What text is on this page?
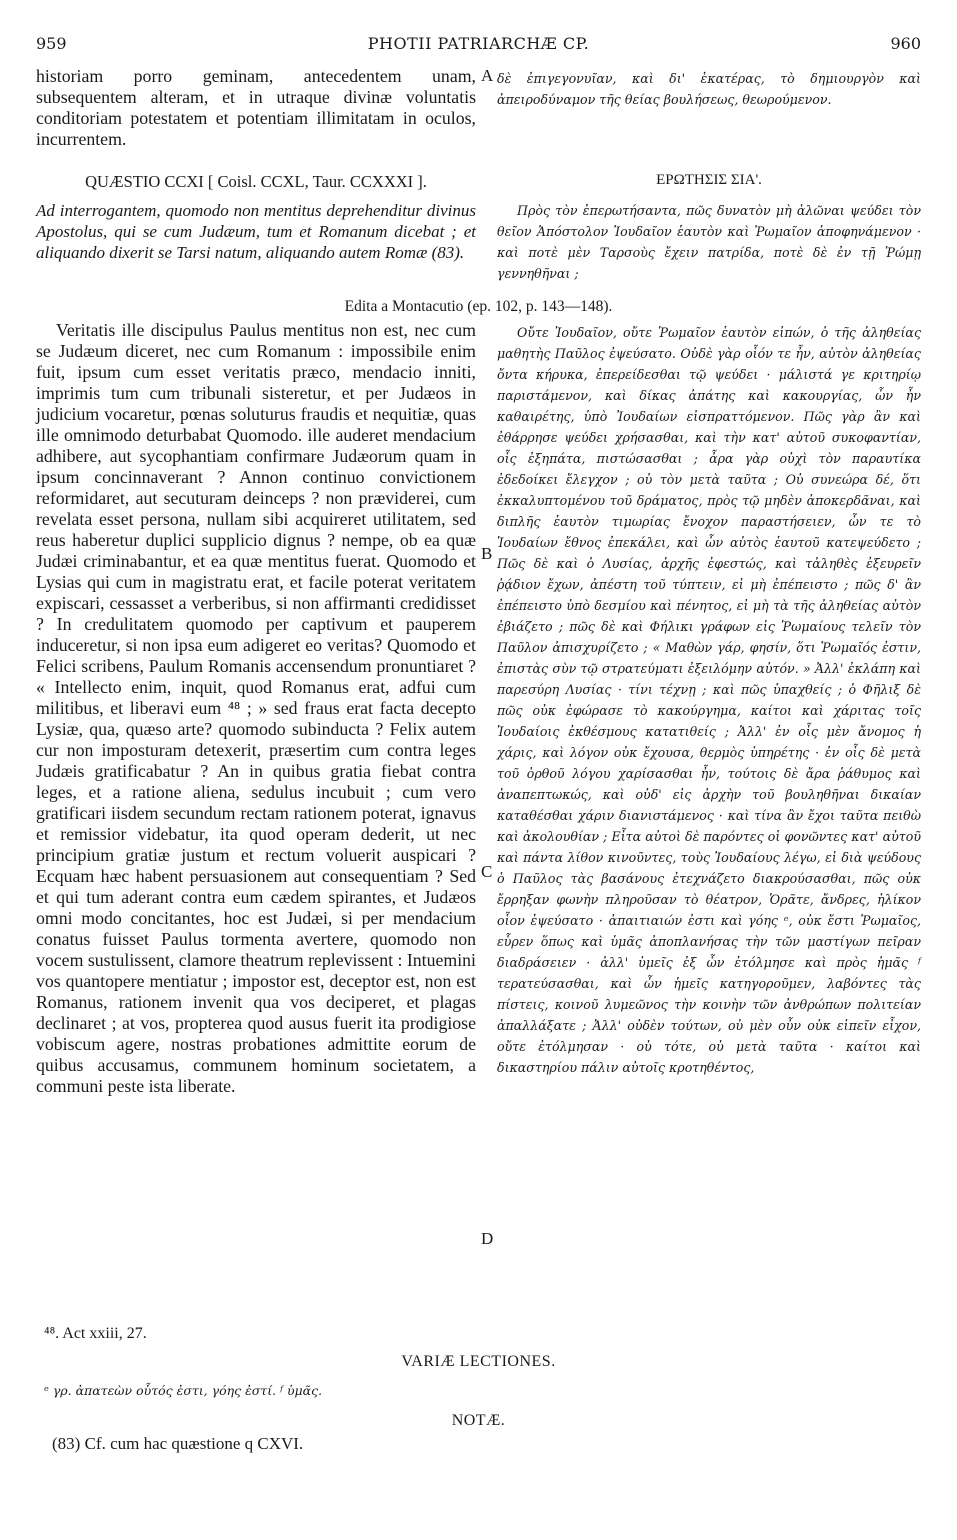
959	PHOTII PATRIARCHÆ CP.	960

historiam porro geminam, antecedentem unam, subsequentem alteram, et in utraque divinæ voluntatis conditoriam potestatem et potentiam illimitatam in oculos, incurrentem.

δὲ ἐπιγεγονυῖαν, καὶ δι' ἑκατέρας, τὸ δημιουργὸν καὶ ἀπειροδύναμον τῆς θείας βουλήσεως, θεωρούμενον.

QUÆSTIO CCXI [ Coisl. CCXL, Taur. CCXXXI ].	ΕΡΩΤΗΣΙΣ ΣΙΑ'.

Ad interrogantem, quomodo non mentitus deprehenditur divinus Apostolus, qui se cum Judæum, tum et Romanum dicebat ; et aliquando dixerit se Tarsi natum, aliquando autem Romæ (83).

Πρὸς τὸν ἐπερωτήσαντα, πῶς δυνατὸν μὴ ἁλῶναι ψεύδει τὸν θεῖον Ἀπόστολον Ἰουδαῖον ἑαυτὸν καὶ Ῥωμαῖον ἀποφηνάμενον · καὶ ποτὲ μὲν Ταρσοὺς ἔχειν πατρίδα, ποτὲ δὲ ἐν τῇ Ῥώμῃ γεννηθῆναι ;

Edita a Montacutio (ep. 102, p. 143—148).

Veritatis ille discipulus Paulus mentitus non est, nec cum se Judæum diceret, nec cum Romanum : impossibile enim fuit, ipsum cum esset veritatis præco, mendacio inniti, imprimis tum cum tribunali sisteretur, et per Judæos in judicium vocaretur, pœnas soluturus fraudis et nequitiæ, quas ille omnimodo deturbabat Quomodo. ille auderet mendacium adhibere, aut sycophantiam confirmare Judæorum quam in ipsum concinnaverant ? Annon continuo convictionem reformidaret, aut secuturam deinceps ? non præviderei, cum revelata esset persona, nullam sibi acquireret utilitatem, sed reus haberetur duplici supplicio dignus ? nempe, ob ea quæ Judæi criminabantur, et ea quæ mentitus fuerat. Quomodo et Lysias qui cum in magistratu erat, et facile poterat veritatem expiscari, cessasset a verberibus, si non affirmanti credidisset ? In credulitatem quomodo per captivum et pauperem induceretur, si non ipsa eum adigeret eo veritas? Quomodo et Felici scribens, Paulum Romanis accensendum pronuntiaret ? « Intellecto enim, inquit, quod Romanus erat, adfui cum militibus, et liberavi eum ⁴⁸ ; » sed fraus erat facta decepto Lysiæ, qua, quæso arte? quomodo subinducta ? Felix autem cur non imposturam detexerit, præsertim cum contra leges Judæis gratificabatur ? An in quibus gratia fiebat contra leges, et a ratione aliena, sedulus incubuit ; cum vero gratificari iisdem secundum rectam rationem poterat, ignavus et remissior videbatur, ita quod operam dederit, ut nec principium gratiæ justum et rectum voluerit auspicari ? Ecquam hæc habent persuasionem aut consequentiam ? Sed et qui tum aderant contra eum cædem spirantes, et Judæos omni modo concitantes, hoc est Judæi, si per mendacium conatus fuisset Paulus tormenta avertere, quomodo non vocem sustulissent, clamore theatrum replevissent : Intuemini vos quantopere mentiatur ; impostor est, deceptor est, non est Romanus, rationem invenit qua vos deciperet, et plagas declinaret ; at vos, propterea quod ausus fuerit ita prodigiose vobiscum agere, nostras probationes admittite eorum de quibus accusamus, communem hominum societatem, a communi peste ista liberate.

Οὔτε Ἰουδαῖον, οὔτε Ῥωμαῖον ἑαυτὸν εἰπών, ὁ τῆς ἀληθείας μαθητὴς Παῦλος ἐψεύσατο. Οὐδὲ γὰρ οἷόν τε ἦν, αὐτὸν ἀληθείας ὄντα κήρυκα, ἐπερείδεσθαι τῷ ψεύδει · μάλιστά γε κριτηρίῳ παριστάμενον, καὶ δίκας ἀπάτης καὶ κακουργίας, ὧν ἦν καθαιρέτης, ὑπὸ Ἰουδαίων εἰσπραττόμενον. Πῶς γὰρ ἂν καὶ ἐθάρρησε ψεύδει χρήσασθαι, καὶ τὴν κατ' αὐτοῦ συκοφαντίαν, οἷς ἐξηπάτα, πιστώσασθαι ; ἆρα γὰρ οὐχὶ τὸν παραυτίκα ἐδεδοίκει ἔλεγχον ; οὐ τὸν μετὰ ταῦτα ; Οὐ συνεώρα δέ, ὅτι ἐκκαλυπτομένου τοῦ δράματος, πρὸς τῷ μηδὲν ἀποκερδᾶναι, καὶ διπλῆς ἑαυτὸν τιμωρίας ἔνοχον παραστήσειεν, ὧν τε τὸ Ἰουδαίων ἔθνος ἐπεκάλει, καὶ ὧν αὐτὸς ἑαυτοῦ κατεψεύδετο ; Πῶς δὲ καὶ ὁ Λυσίας, ἀρχῆς ἐφεστώς, καὶ τἀληθὲς ἐξευρεῖν ῥᾴδιον ἔχων, ἀπέστη τοῦ τύπτειν, εἰ μὴ ἐπέπειστο ; πῶς δ' ἂν ἐπέπειστο ὑπὸ δεσμίου καὶ πένητος, εἰ μὴ τὰ τῆς ἀληθείας αὐτὸν ἐβιάζετο ; πῶς δὲ καὶ Φήλικι γράφων εἰς Ῥωμαίους τελεῖν τὸν Παῦλον ἀπισχυρίζετο ; « Μαθὼν γάρ, φησίν, ὅτι Ῥωμαῖός ἐστιν, ἐπιστὰς σὺν τῷ στρατεύματι ἐξειλόμην αὐτόν. » Ἀλλ' ἐκλάπη καὶ παρεσύρη Λυσίας · τίνι τέχνῃ ; καὶ πῶς ὑπαχθείς ; ὁ Φῆλιξ δὲ πῶς οὐκ ἐφώρασε τὸ κακούργημα, καίτοι καὶ χάριτας τοῖς Ἰουδαίοις ἐκθέσμους κατατιθείς ; Ἀλλ' ἐν οἷς μὲν ἄνομος ἡ χάρις, καὶ λόγον οὐκ ἔχουσα, θερμὸς ὑπηρέτης · ἐν οἷς δὲ μετὰ τοῦ ὀρθοῦ λόγου χαρίσασθαι ἦν, τούτοις δὲ ἄρα ῥάθυμος καὶ ἀναπεπτωκώς, καὶ οὐδ' εἰς ἀρχὴν τοῦ βουληθῆναι δικαίαν καταθέσθαι χάριν διανιστάμενος · καὶ τίνα ἂν ἔχοι ταῦτα πειθὼ καὶ ἀκολουθίαν ; Εἶτα αὐτοὶ δὲ παρόντες οἱ φονῶντες κατ' αὐτοῦ καὶ πάντα λίθον κινοῦντες, τοὺς Ἰουδαίους λέγω, εἰ διὰ ψεύδους ὁ Παῦλος τὰς βασάνους ἐτεχνάζετο διακρούσασθαι, πῶς οὐκ ἔρρηξαν φωνὴν πληροῦσαν τὸ θέατρον, Ὁρᾶτε, ἄνδρες, ἡλίκον οἷον ἐψεύσατο · ἀπαιτιαιών ἐστι καὶ γόης ᵉ, οὐκ ἔστι Ῥωμαῖος, εὗρεν ὅπως καὶ ὑμᾶς ἀποπλανήσας τὴν τῶν μαστίγων πεῖραν διαδράσειεν · ἀλλ' ὑμεῖς ἐξ ὧν ἐτόλμησε καὶ πρὸς ἡμᾶς ᶠ τερατεύσασθαι, καὶ ὧν ἡμεῖς κατηγοροῦμεν, λαβόντες τὰς πίστεις, κοινοῦ λυμεῶνος τὴν κοινὴν τῶν ἀνθρώπων πολιτείαν ἀπαλλάξατε ; Ἀλλ' οὐδὲν τούτων, οὐ μὲν οὖν οὐκ εἰπεῖν εἶχον, οὔτε ἐτόλμησαν · οὐ τότε, οὐ μετὰ ταῦτα · καίτοι καὶ δικαστηρίου πάλιν αὐτοῖς κροτηθέντος,

A
B
C
D
⁴⁸. Act xxiii, 27.
VARIÆ LECTIONES.
ᵉ γρ. ἀπατεὼν οὗτός ἐστι, γόης ἐστί. ᶠ ὑμᾶς.
NOTÆ.
(83) Cf. cum hac quæstione q CXVI.
